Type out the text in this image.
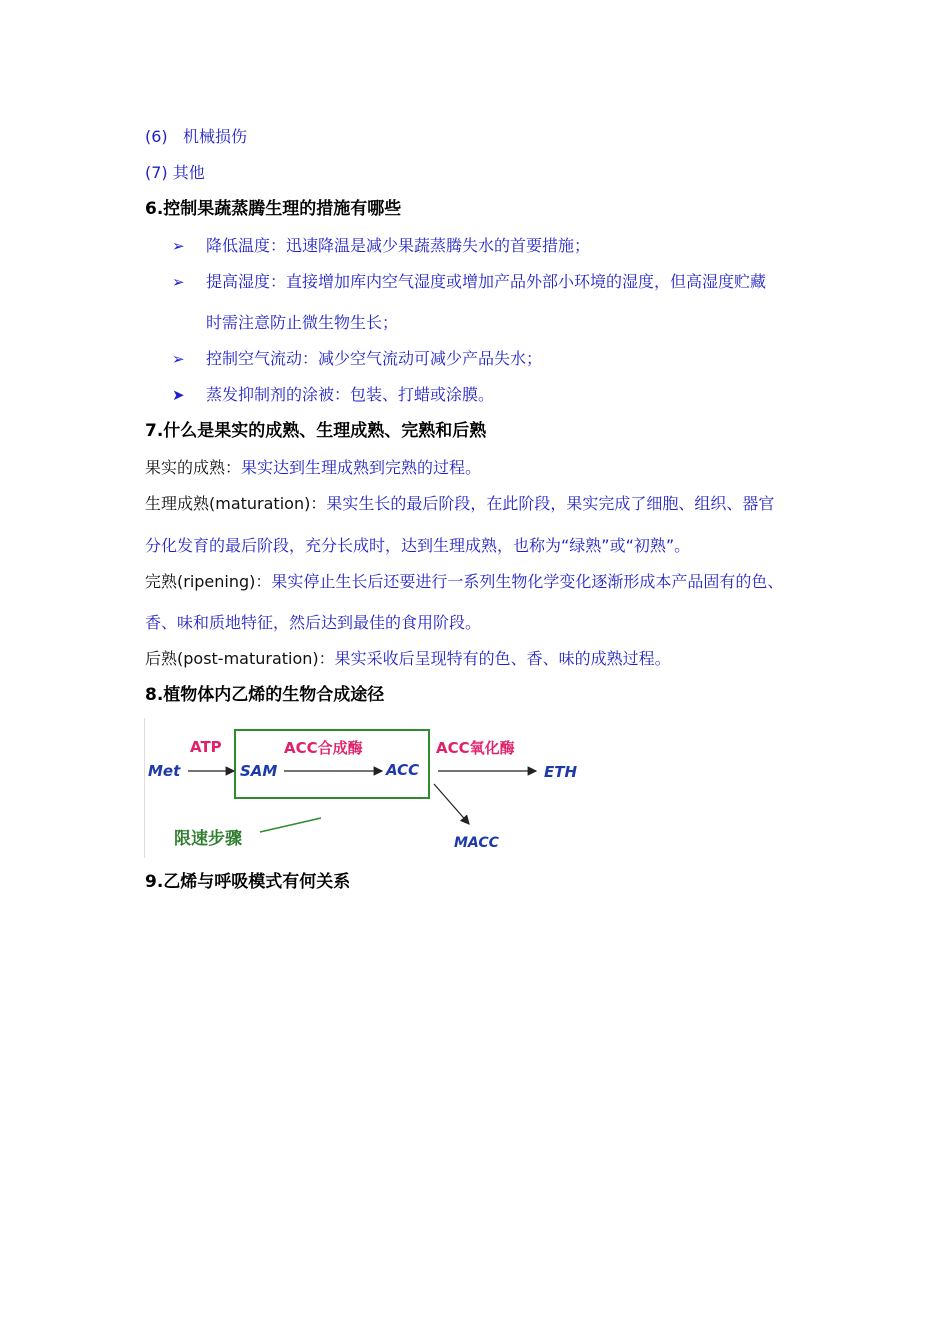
(6) 机械损伤
(7) 其他
6.控制果蔬蒸腾生理的措施有哪些
➢ 降低温度：迅速降温是减少果蔬蒸腾失水的首要措施；
➢ 提高湿度：直接增加库内空气湿度或增加产品外部小环境的湿度，但高湿度贮藏
时需注意防止微生物生长；
➢ 控制空气流动：减少空气流动可减少产品失水；
➤ 蒸发抑制剂的涂被：包装、打蜡或涂膜。
7.什么是果实的成熟、生理成熟、完熟和后熟
果实的成熟：果实达到生理成熟到完熟的过程。
生理成熟(maturation)：果实生长的最后阶段，在此阶段，果实完成了细胞、组织、器官
分化发育的最后阶段，充分长成时，达到生理成熟，也称为“绿熟”或“初熟”。
完熟(ripening)：果实停止生长后还要进行一系列生物化学变化逐渐形成本产品固有的色、
香、味和质地特征，然后达到最佳的食用阶段。
后熟(post-maturation)：果实采收后呈现特有的色、香、味的成熟过程。
8.植物体内乙烯的生物合成途径
Met
ATP
SAM
ACC合成酶
ACC
ACC氧化酶
ETH
MACC
限速步骤
9.乙烯与呼吸模式有何关系
